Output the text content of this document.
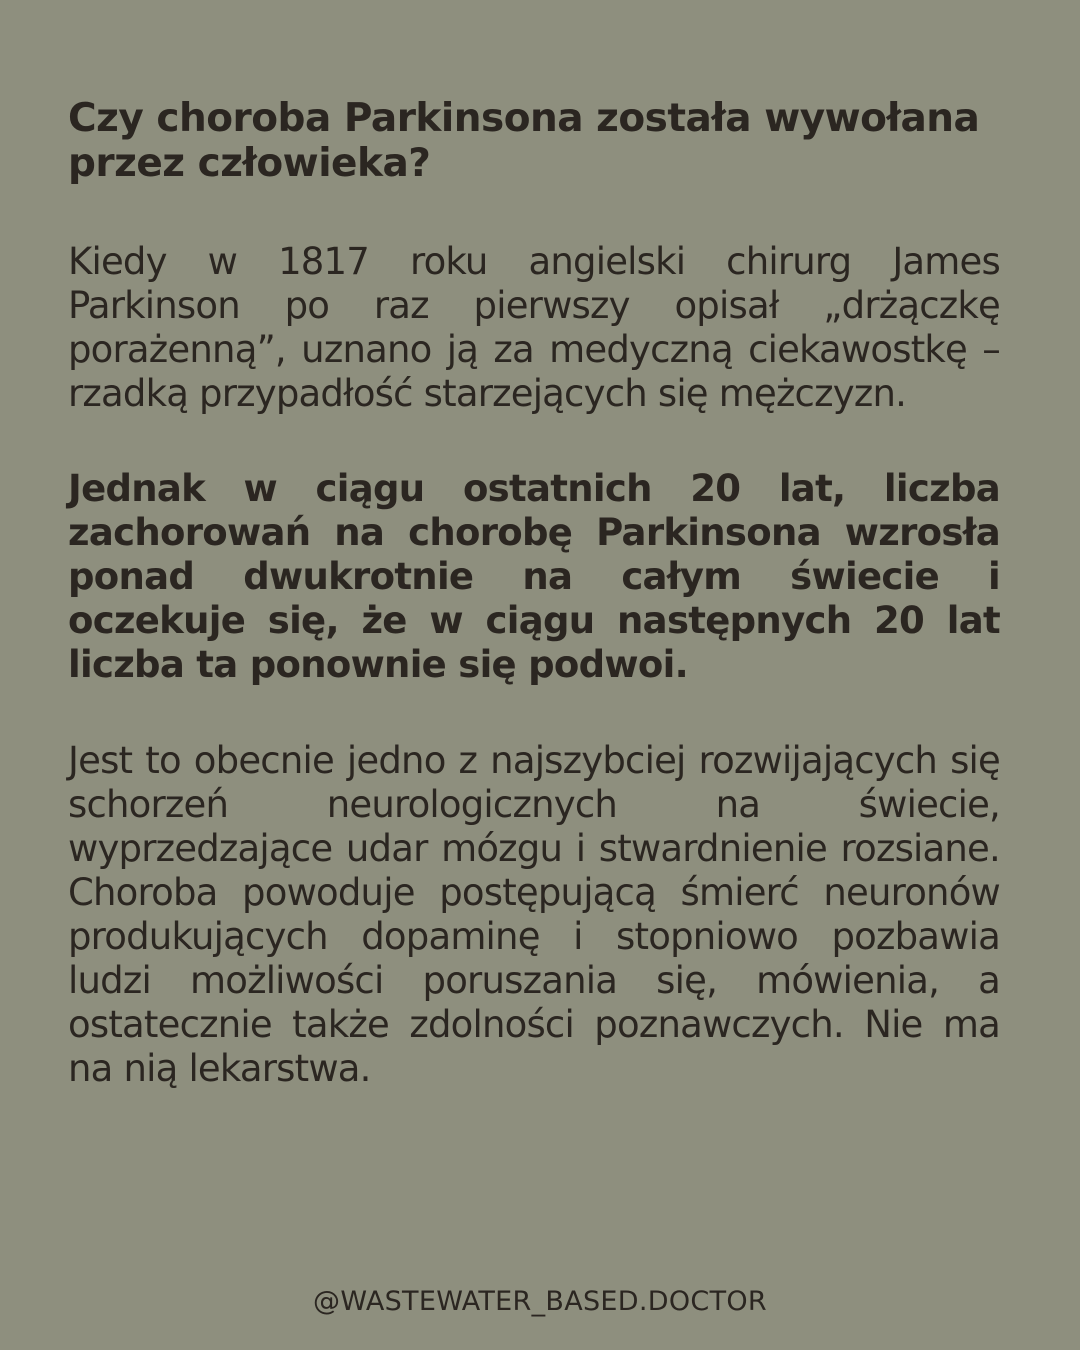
Czy choroba Parkinsona została wywołana przez człowieka?

Kiedy w 1817 roku angielski chirurg James Parkinson po raz pierwszy opisał „drżączkę porażenną”, uznano ją za medyczną ciekawostkę – rzadką przypadłość starzejących się mężczyzn.

Jednak w ciągu ostatnich 20 lat, liczba zachorowań na chorobę Parkinsona wzrosła ponad dwukrotnie na całym świecie i oczekuje się, że w ciągu następnych 20 lat liczba ta ponownie się podwoi.

Jest to obecnie jedno z najszybciej rozwijających się schorzeń neurologicznych na świecie, wyprzedzające udar mózgu i stwardnienie rozsiane. Choroba powoduje postępującą śmierć neuronów produkujących dopaminę i stopniowo pozbawia ludzi możliwości poruszania się, mówienia, a ostatecznie także zdolności poznawczych. Nie ma na nią lekarstwa.

@WASTEWATER_BASED.DOCTOR
